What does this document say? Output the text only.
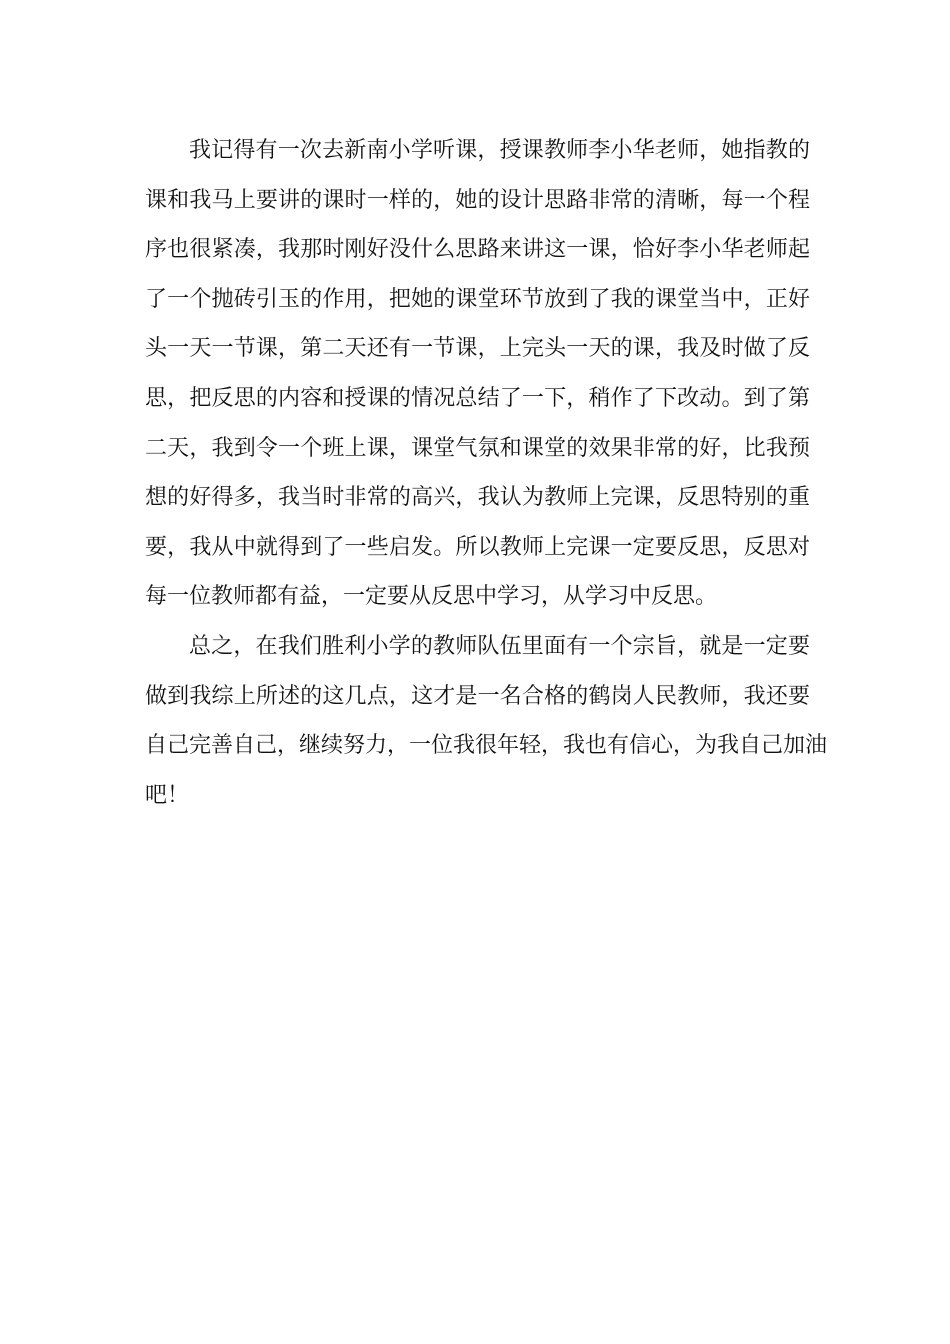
我记得有一次去新南小学听课，授课教师李小华老师，她指教的
课和我马上要讲的课时一样的，她的设计思路非常的清晰，每一个程
序也很紧凑，我那时刚好没什么思路来讲这一课，恰好李小华老师起
了一个抛砖引玉的作用，把她的课堂环节放到了我的课堂当中，正好
头一天一节课，第二天还有一节课，上完头一天的课，我及时做了反
思，把反思的内容和授课的情况总结了一下，稍作了下改动。到了第
二天，我到令一个班上课，课堂气氛和课堂的效果非常的好，比我预
想的好得多，我当时非常的高兴，我认为教师上完课，反思特别的重
要，我从中就得到了一些启发。所以教师上完课一定要反思，反思对
每一位教师都有益，一定要从反思中学习，从学习中反思。
总之，在我们胜利小学的教师队伍里面有一个宗旨，就是一定要
做到我综上所述的这几点，这才是一名合格的鹤岗人民教师，我还要
自己完善自己，继续努力，一位我很年轻，我也有信心，为我自己加油
吧！
